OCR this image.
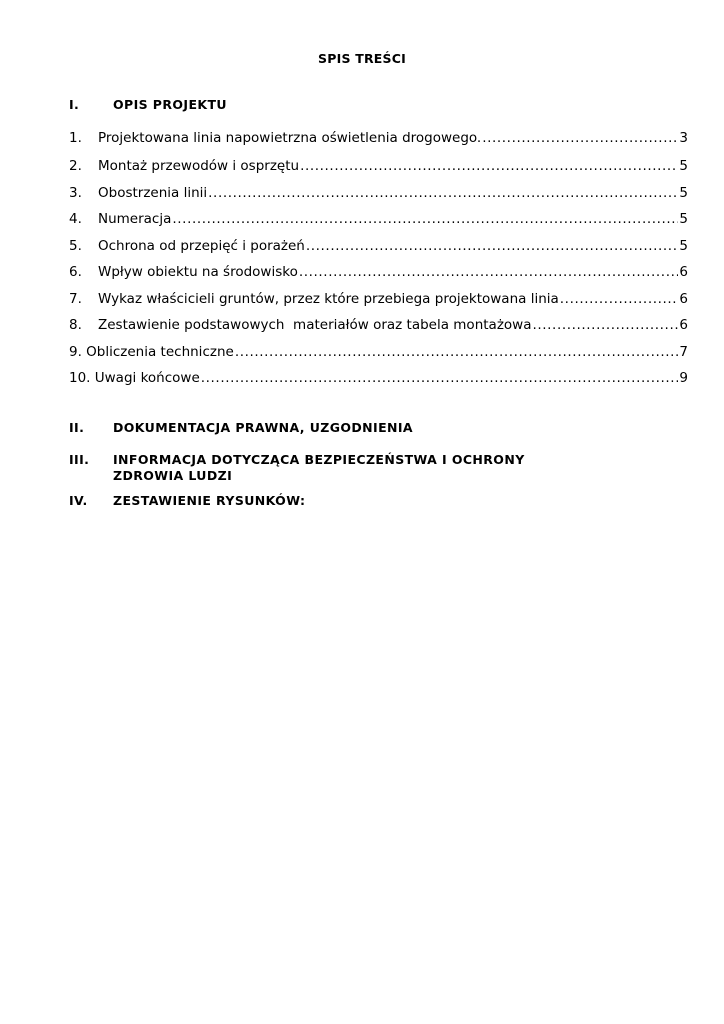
SPIS TREŚCI
I.	OPIS PROJEKTU
1. Projektowana linia napowietrzna oświetlenia drogowego. .....	3
2. Montaż przewodów i osprzętu .....	5
3. Obostrzenia linii .....	5
4. Numeracja .....	5
5. Ochrona od przepięć i porażeń .....	5
6. Wpływ obiektu na środowisko .....	6
7. Wykaz właścicieli gruntów, przez które przebiega projektowana linia .....	6
8. Zestawienie podstawowych  materiałów oraz tabela montażowa .....	6
9. Obliczenia techniczne .....	7
10. Uwagi końcowe .....	9
II. DOKUMENTACJA PRAWNA, UZGODNIENIA
III. INFORMACJA DOTYCZĄCA BEZPIECZEŃSTWA I OCHRONY
ZDROWIA LUDZI
IV. ZESTAWIENIE RYSUNKÓW:
